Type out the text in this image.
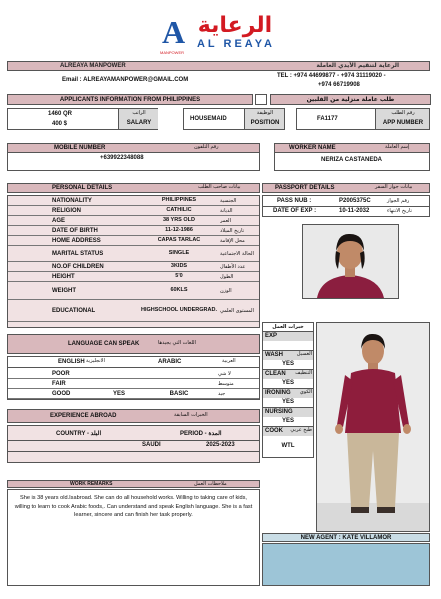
الرعاية
A	AL REAYA
MANPOWER
ALREAYA MANPOWER	الرعاية لتنقيم الأيدي العاملة
Email : ALREAYAMANPOWER@GMAIL.COM
TEL : +974 44699877 - +974 31119020 -
+974 66719908
APPLICANTS INFORMATION FROM PHILIPPINES	طلب عاملة منزلية من الفلبين
1460 QR
400 $
الراتب
SALARY
HOUSEMAID
الوظيفة
POSITION
FA1177
رقم الطلب
APP NUMBER
MOBILE NUMBER	رقم التلفون
+639922348088
WORKER NAME	إسم العاملة
NERIZA CASTANEDA
PERSONAL DETAILS	بيانات صاحب الطلب
NATIONALITY	PHILIPPINES	الجنسية
RELIGION	CATHILIC	الديانة
AGE	38 YRS OLD	العمر
DATE OF BIRTH	11-12-1986	تاريخ الميلاد
HOME ADDRESS	CAPAS TARLAC	محل الإقامة
MARITAL STATUS	SINGLE	الحالة الاجتماعية
NO.OF CHILDREN	3KIDS	عدد الأطفال
HEIGHT	5'0	الطول
WEIGHT	60KLS	الوزن
EDUCATIONAL	HIGHSCHOOL UNDERGRAD. المستوى العلمي
PASSPORT DETAILS	بيانات جواز السفر
PASS NUB :	P2005375C	رقم الجواز
DATE OF EXP :	10-11-2032	تاريخ الانتهاء
LANGUAGE CAN SPEAK	اللغات التي يجيدها
ENGLISH الانجليزية	ARABIC	العربية
POOR	لا شي
FAIR	متوسط
GOOD	YES	BASIC	جيد
EXPERIENCE ABROAD	الخبرات السابقة
COUNTRY - البلد	PERIOD - المدة
SAUDI	2025-2023
خبرات العمل
EXP
WASH	الغسيل
YES
CLEAN التنظيف
YES
IRONING الكوي
YES
NURSING
YES
COOK طبخ عربي
WTL
WORK REMARKS	ملاحظات العمل
She is 38 years old.Isabroad. She can do all household works. Willing to taking care of kids, willing to learn to cook Arabic foods,. Can understand and speak English language. She is a fast learner, sincere and can finish her task properly.
NEW AGENT : KATE VILLAMOR
